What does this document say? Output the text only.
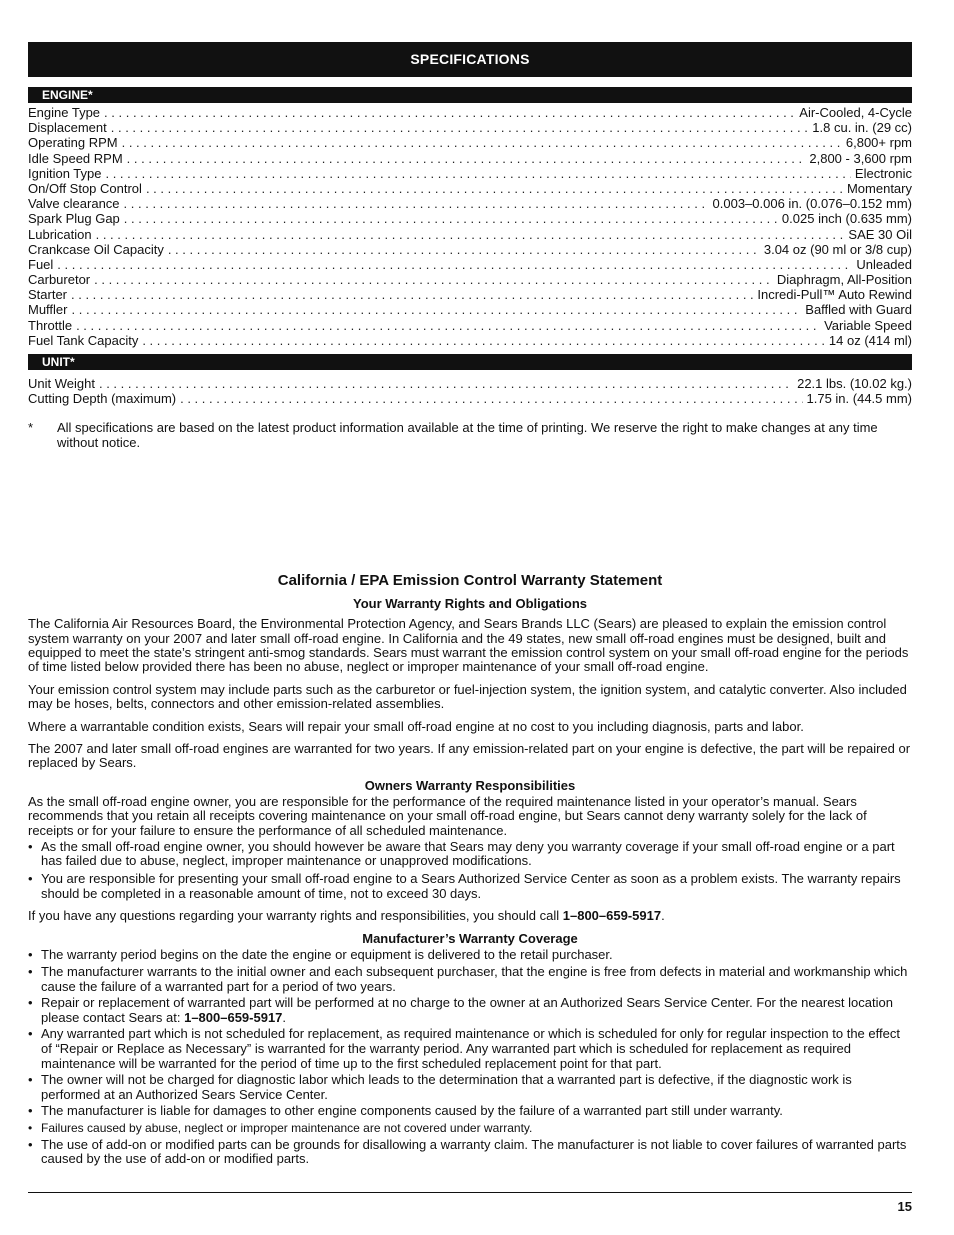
SPECIFICATIONS
ENGINE*
Engine Type . . .	Air-Cooled, 4-Cycle
Displacement . . .	1.8 cu. in. (29 cc)
Operating RPM . . .	6,800+ rpm
Idle Speed RPM . . .	2,800 - 3,600 rpm
Ignition Type . . .	Electronic
On/Off Stop Control . . .	Momentary
Valve clearance . . .	0.003–0.006 in. (0.076–0.152 mm)
Spark Plug Gap . . .	0.025 inch (0.635 mm)
Lubrication . . .	SAE 30 Oil
Crankcase Oil Capacity . . .	3.04 oz (90 ml or 3/8 cup)
Fuel . . .	Unleaded
Carburetor . . .	Diaphragm, All-Position
Starter . . .	Incredi-Pull™ Auto Rewind
Muffler . . .	Baffled with Guard
Throttle . . .	Variable Speed
Fuel Tank Capacity . . .	14 oz (414 ml)
UNIT*
Unit Weight . . .	22.1 lbs. (10.02 kg.)
Cutting Depth (maximum) . . .	1.75 in. (44.5 mm)
*	All specifications are based on the latest product information available at the time of printing. We reserve the right to make changes at any time without notice.
California / EPA Emission Control Warranty Statement
Your Warranty Rights and Obligations

The California Air Resources Board, the Environmental Protection Agency, and Sears Brands LLC (Sears) are pleased to explain the emission control system warranty on your 2007 and later small off-road engine. In California and the 49 states, new small off-road engines must be designed, built and equipped to meet the state’s stringent anti-smog standards. Sears must warrant the emission control system on your small off-road engine for the periods of time listed below provided there has been no abuse, neglect or improper maintenance of your small off-road engine.

Your emission control system may include parts such as the carburetor or fuel-injection system, the ignition system, and catalytic converter. Also included may be hoses, belts, connectors and other emission-related assemblies.

Where a warrantable condition exists, Sears will repair your small off-road engine at no cost to you including diagnosis, parts and labor.

The 2007 and later small off-road engines are warranted for two years. If any emission-related part on your engine is defective, the part will be repaired or replaced by Sears.

Owners Warranty Responsibilities

As the small off-road engine owner, you are responsible for the performance of the required maintenance listed in your operator’s manual. Sears recommends that you retain all receipts covering maintenance on your small off-road engine, but Sears cannot deny warranty solely for the lack of receipts or for your failure to ensure the performance of all scheduled maintenance.

• As the small off-road engine owner, you should however be aware that Sears may deny you warranty coverage if your small off-road engine or a part has failed due to abuse, neglect, improper maintenance or unapproved modifications.
• You are responsible for presenting your small off-road engine to a Sears Authorized Service Center as soon as a problem exists. The warranty repairs should be completed in a reasonable amount of time, not to exceed 30 days.

If you have any questions regarding your warranty rights and responsibilities, you should call 1–800–659-5917.

Manufacturer’s Warranty Coverage
• The warranty period begins on the date the engine or equipment is delivered to the retail purchaser.
• The manufacturer warrants to the initial owner and each subsequent purchaser, that the engine is free from defects in material and workmanship which cause the failure of a warranted part for a period of two years.
• Repair or replacement of warranted part will be performed at no charge to the owner at an Authorized Sears Service Center. For the nearest location please contact Sears at: 1–800–659-5917.
• Any warranted part which is not scheduled for replacement, as required maintenance or which is scheduled for only for regular inspection to the effect of “Repair or Replace as Necessary” is warranted for the warranty period. Any warranted part which is scheduled for replacement as required maintenance will be warranted for the period of time up to the first scheduled replacement point for that part.
• The owner will not be charged for diagnostic labor which leads to the determination that a warranted part is defective, if the diagnostic work is performed at an Authorized Sears Service Center.
• The manufacturer is liable for damages to other engine components caused by the failure of a warranted part still under warranty.
• Failures caused by abuse, neglect or improper maintenance are not covered under warranty.
• The use of add-on or modified parts can be grounds for disallowing a warranty claim. The manufacturer is not liable to cover failures of warranted parts caused by the use of add-on or modified parts.
15
